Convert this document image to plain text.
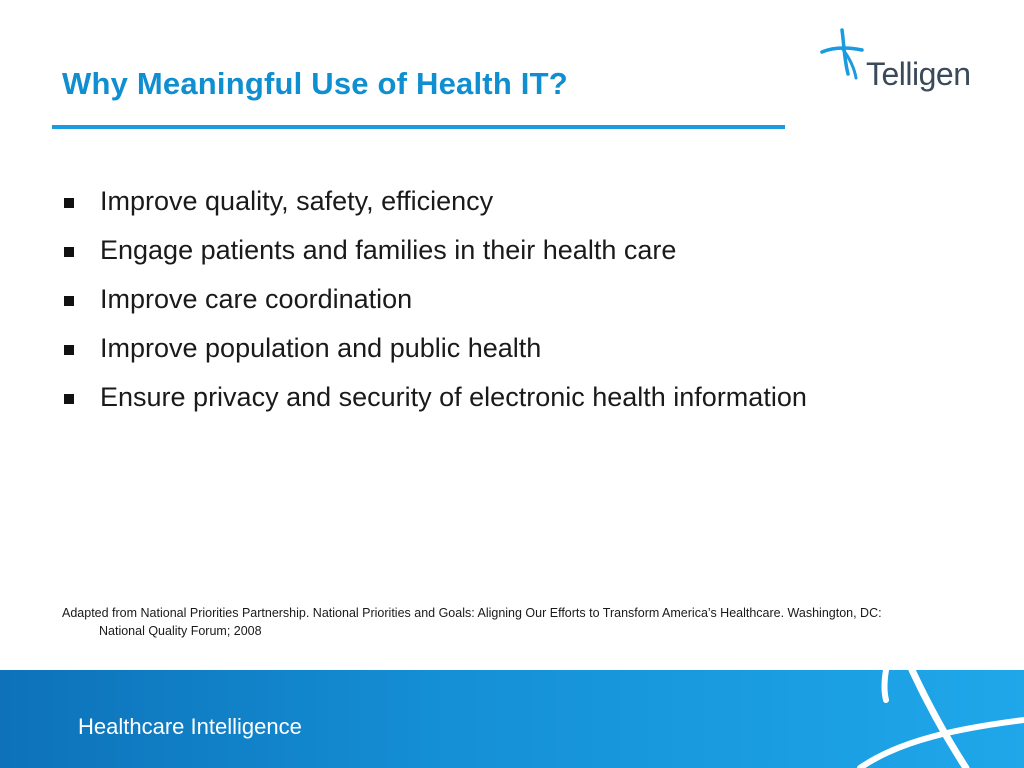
Why Meaningful Use of Health IT?	Telligen
Improve quality, safety, efficiency
Engage patients and families in their health care
Improve care coordination
Improve population and public health
Ensure privacy and security of electronic health information
Adapted from National Priorities Partnership. National Priorities and Goals: Aligning Our Efforts to Transform America’s Healthcare. Washington, DC:
National Quality Forum; 2008
Healthcare Intelligence
